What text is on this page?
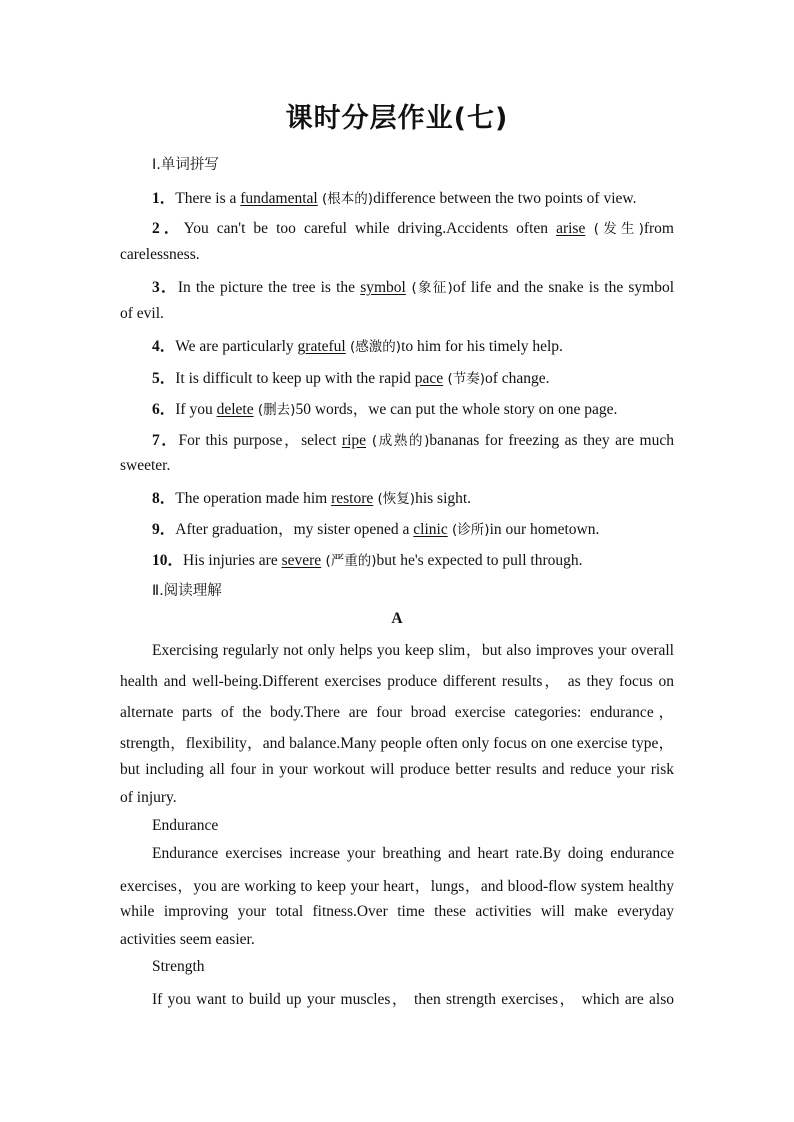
课时分层作业(七)
Ⅰ.单词拼写
1．There is a fundamental (根本的)difference between the two points of view.
2．You can't be too careful while driving.Accidents often arise (发生)from
carelessness.
3．In the picture the tree is the symbol (象征)of life and the snake is the symbol
of evil.
4．We are particularly grateful (感激的)to him for his timely help.
5．It is difficult to keep up with the rapid pace (节奏)of change.
6．If you delete (删去)50 words，we can put the whole story on one page.
7．For this purpose，select ripe (成熟的)bananas for freezing as they are much
sweeter.
8．The operation made him restore (恢复)his sight.
9．After graduation，my sister opened a clinic (诊所)in our hometown.
10．His injuries are severe (严重的)but he's expected to pull through.
Ⅱ.阅读理解
A
Exercising regularly not only helps you keep slim，but also improves your overall
health and well-being.Different exercises produce different results， as they focus on
alternate parts of the body.There are four broad exercise categories: endurance，
strength，flexibility，and balance.Many people often only focus on one exercise type，
but including all four in your workout will produce better results and reduce your risk
of injury.
Endurance
Endurance exercises increase your breathing and heart rate.By doing endurance
exercises，you are working to keep your heart，lungs，and blood-flow system healthy
while improving your total fitness.Over time these activities will make everyday
activities seem easier.
Strength
If you want to build up your muscles， then strength exercises， which are also
